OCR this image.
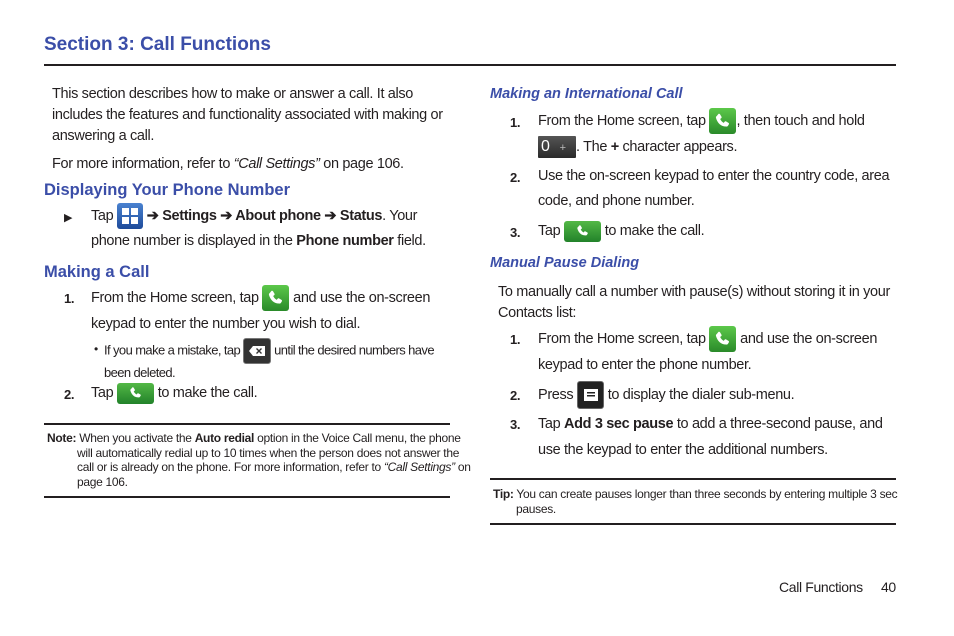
Section 3: Call Functions
This section describes how to make or answer a call. It also includes the features and functionality associated with making or answering a call.
For more information, refer to “Call Settings” on page 106.
Displaying Your Phone Number
▶ Tap
➔ Settings ➔ About phone ➔ Status. Your phone number is displayed in the Phone number field.
Making a Call
1. From the Home screen, tap and use the on-screen keypad to enter the number you wish to dial.
• If you make a mistake, tap	until the desired numbers have been deleted.
2. Tap	to make the call.
Note: When you activate the Auto redial option in the Voice Call menu, the phone will automatically redial up to 10 times when the person does not answer the call or is already on the phone. For more information, refer to “Call Settings” on page 106.
Making an International Call
1. From the Home screen, tap , then touch and hold
0 + . The + character appears.
2. Use the on-screen keypad to enter the country code, area code, and phone number.
3. Tap	to make the call.
Manual Pause Dialing
To manually call a number with pause(s) without storing it in your Contacts list:
1. From the Home screen, tap and use the on-screen keypad to enter the phone number.
2. Press to display the dialer sub-menu.
3. Tap Add 3 sec pause to add a three-second pause, and use the keypad to enter the additional numbers.
Tip: You can create pauses longer than three seconds by entering multiple 3 sec pauses.
Call Functions 40
